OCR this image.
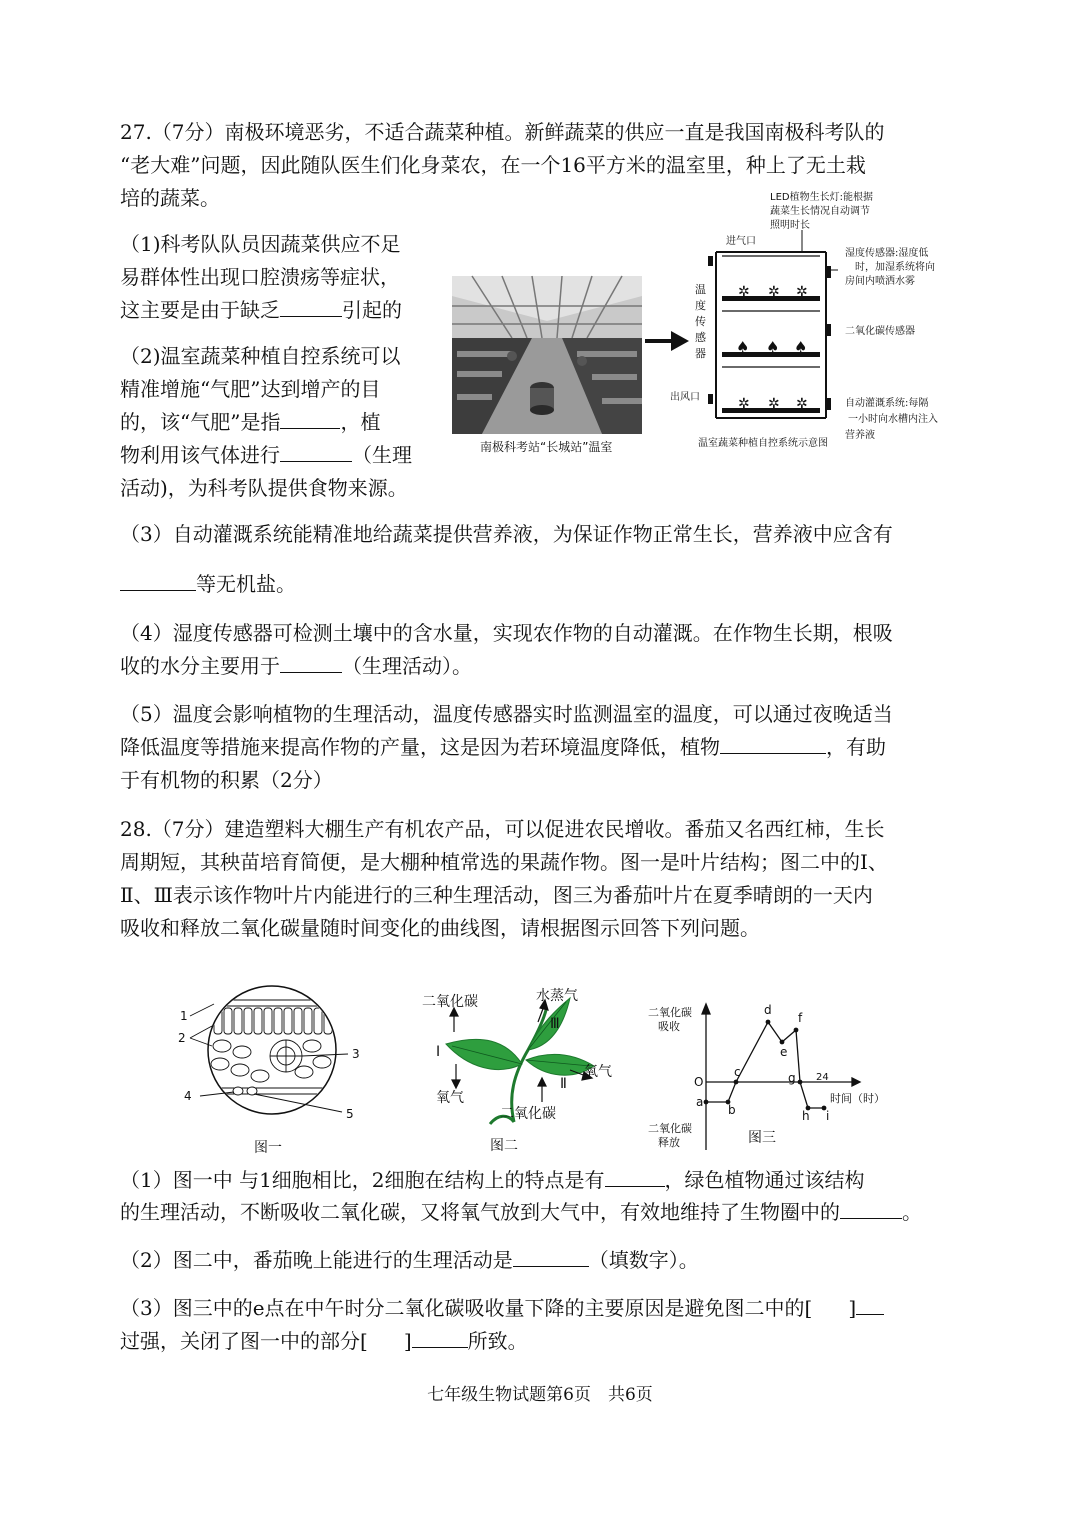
27.（7分）南极环境恶劣，不适合蔬菜种植。新鲜蔬菜的供应一直是我国南极科考队的
“老大难”问题，因此随队医生们化身菜农，在一个16平方米的温室里，种上了无土栽
培的蔬菜。
（1)科考队队员因蔬菜供应不足
易群体性出现口腔溃疡等症状，
这主要是由于缺乏	引起的
（2)温室蔬菜种植自控系统可以
精准增施“气肥”达到增产的目
的，该“气肥”是指	，植
物利用该气体进行	（生理
活动)，为科考队提供食物来源。
南极科考站“长城站”温室
✲ ✲ ✲
♠ ♠ ♠
✲ ✲ ✲
LED植物生长灯:能根据
蔬菜生长情况自动调节
照明时长
进气口
湿度传感器:湿度低
时，加湿系统将向
房间内喷洒水雾
温
度
传
感
器
二氧化碳传感器
出风口
自动灌溉系统:每隔
一小时向水槽内注入
营养液
温室蔬菜种植自控系统示意图
（3）自动灌溉系统能精准地给蔬菜提供营养液，为保证作物正常生长，营养液中应含有
等无机盐。
（4）湿度传感器可检测土壤中的含水量，实现农作物的自动灌溉。在作物生长期，根吸
收的水分主要用于	（生理活动）。
（5）温度会影响植物的生理活动，温度传感器实时监测温室的温度，可以通过夜晚适当
降低温度等措施来提高作物的产量，这是因为若环境温度降低，植物	，有助
于有机物的积累（2分）
28.（7分）建造塑料大棚生产有机农产品，可以促进农民增收。番茄又名西红柿，生长
周期短，其秧苗培育简便，是大棚种植常选的果蔬作物。图一是叶片结构；图二中的Ⅰ、
Ⅱ、Ⅲ表示该作物叶片内能进行的三种生理活动，图三为番茄叶片在夏季晴朗的一天内
吸收和释放二氧化碳量随时间变化的曲线图，请根据图示回答下列问题。
1
2
3
4
5
图一
二氧化碳	水蒸气
Ⅲ
Ⅰ
氧气
氧气
Ⅱ
二氧化碳
图二
二氧化碳
吸收
二氧化碳
释放
O	24
时间（时）
图三
a
b
c
d
e
f
g
h i
（1）图一中 与1细胞相比，2细胞在结构上的特点是有	，绿色植物通过该结构
的生理活动，不断吸收二氧化碳，又将氧气放到大气中，有效地维持了生物圈中的	。
（2）图二中，番茄晚上能进行的生理活动是	（填数字）。
（3）图三中的e点在中午时分二氧化碳吸收量下降的主要原因是避免图二中的[ ]
过强，关闭了图一中的部分[ ]	所致。
七年级生物试题第6页　共6页
